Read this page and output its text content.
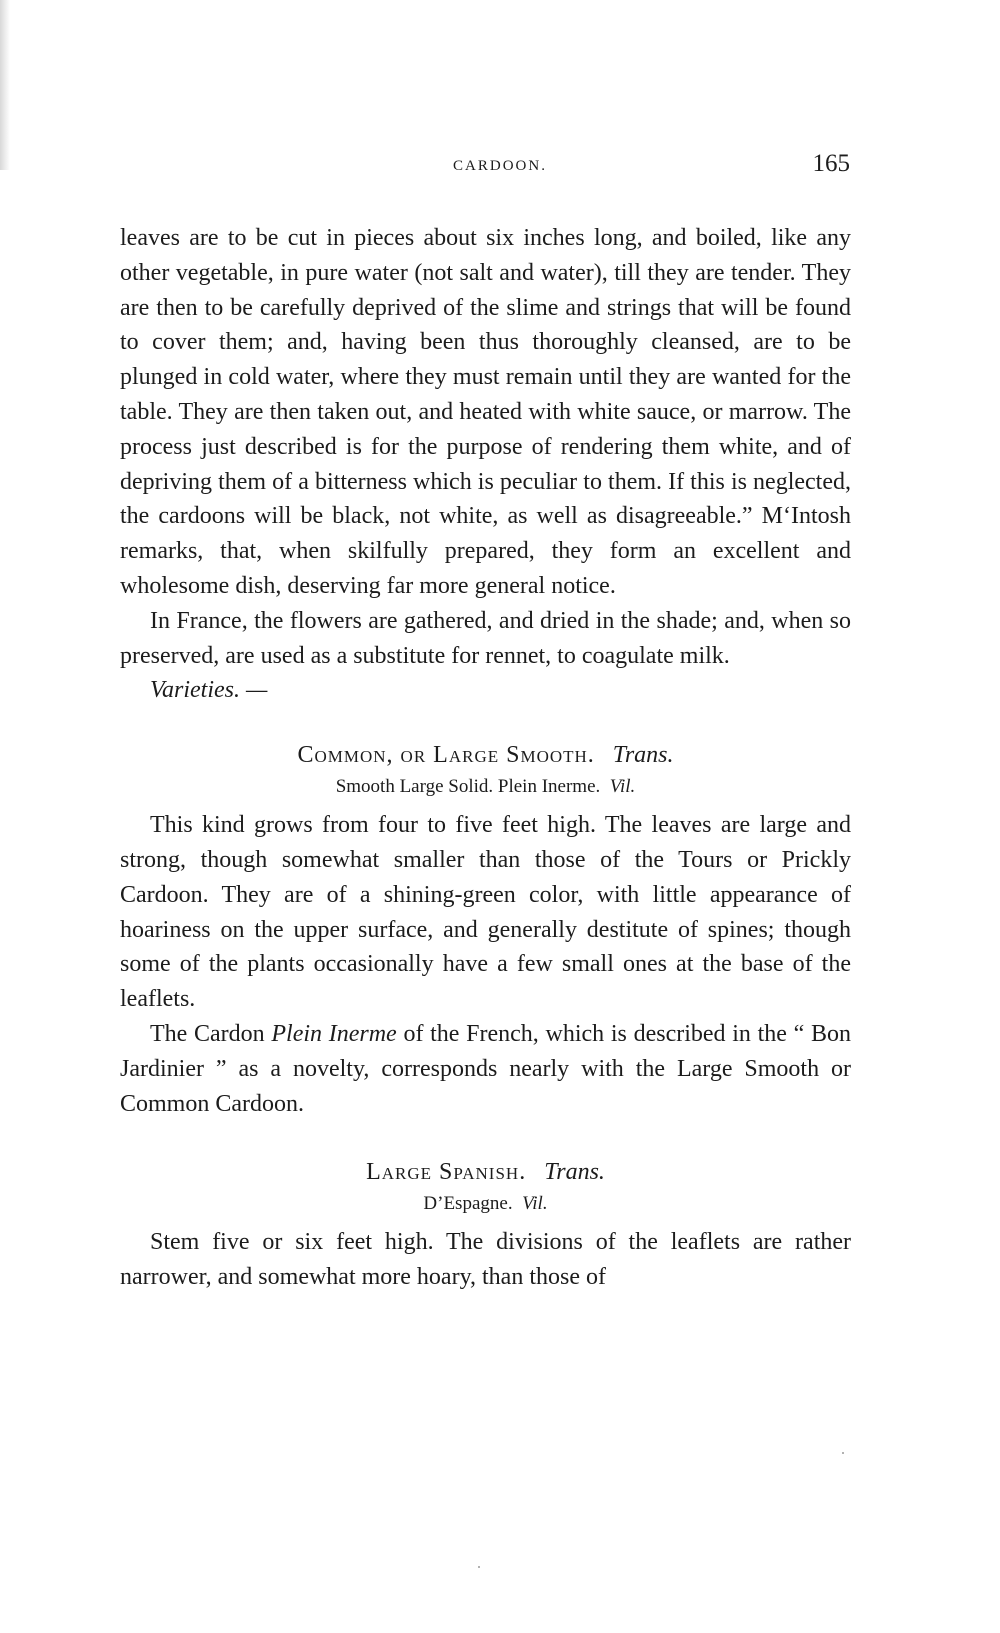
CARDOON.	165

leaves are to be cut in pieces about six inches long, and boiled, like any other vegetable, in pure water (not salt and water), till they are tender. They are then to be carefully deprived of the slime and strings that will be found to cover them; and, having been thus thoroughly cleansed, are to be plunged in cold water, where they must remain until they are wanted for the table. They are then taken out, and heated with white sauce, or marrow. The process just described is for the purpose of rendering them white, and of depriving them of a bitterness which is peculiar to them. If this is neglected, the cardoons will be black, not white, as well as disagreeable.” M‘Intosh remarks, that, when skilfully prepared, they form an excellent and wholesome dish, deserving far more general notice.

In France, the flowers are gathered, and dried in the shade; and, when so preserved, are used as a substitute for rennet, to coagulate milk.

Varieties. —
Common, or Large Smooth. Trans.
Smooth Large Solid. Plein Inerme. Vil.

This kind grows from four to five feet high. The leaves are large and strong, though somewhat smaller than those of the Tours or Prickly Cardoon. They are of a shining-green color, with little appearance of hoariness on the upper surface, and generally destitute of spines; though some of the plants occasionally have a few small ones at the base of the leaflets.

The Cardon Plein Inerme of the French, which is described in the “ Bon Jardinier ” as a novelty, corresponds nearly with the Large Smooth or Common Cardoon.

Large Spanish. Trans.
D’Espagne. Vil.

Stem five or six feet high. The divisions of the leaflets are rather narrower, and somewhat more hoary, than those of
